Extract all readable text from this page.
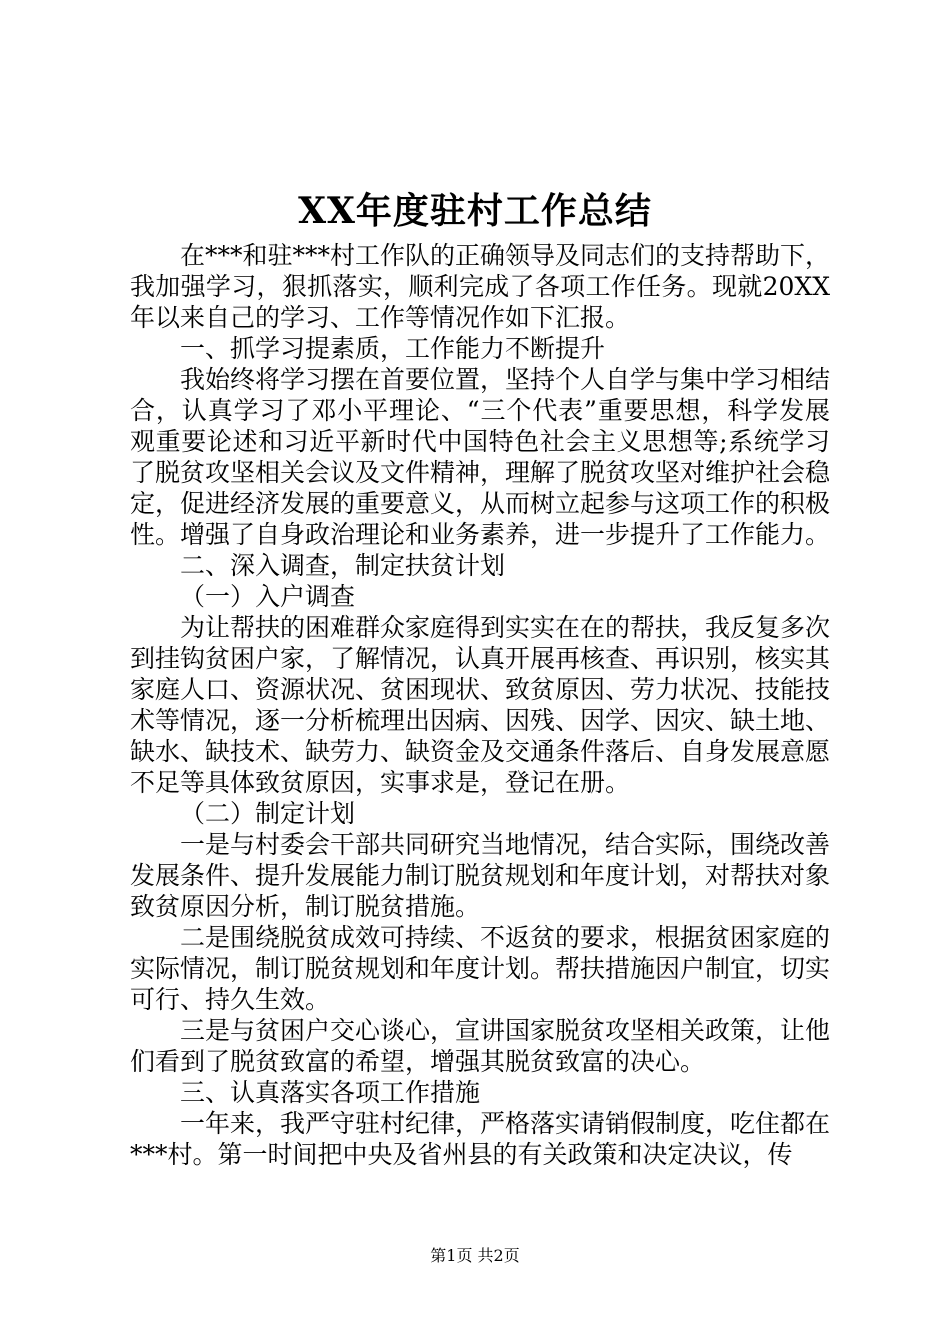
XX年度驻村工作总结

在***和驻***村工作队的正确领导及同志们的支持帮助下，我加强学习，狠抓落实，顺利完成了各项工作任务。现就20XX年以来自己的学习、工作等情况作如下汇报。

一、抓学习提素质，工作能力不断提升

我始终将学习摆在首要位置，坚持个人自学与集中学习相结合，认真学习了邓小平理论、“三个代表”重要思想，科学发展观重要论述和习近平新时代中国特色社会主义思想等;系统学习了脱贫攻坚相关会议及文件精神，理解了脱贫攻坚对维护社会稳定，促进经济发展的重要意义，从而树立起参与这项工作的积极性。增强了自身政治理论和业务素养，进一步提升了工作能力。

二、深入调查，制定扶贫计划

（一）入户调查

为让帮扶的困难群众家庭得到实实在在的帮扶，我反复多次到挂钩贫困户家，了解情况，认真开展再核查、再识别，核实其家庭人口、资源状况、贫困现状、致贫原因、劳力状况、技能技术等情况，逐一分析梳理出因病、因残、因学、因灾、缺土地、缺水、缺技术、缺劳力、缺资金及交通条件落后、自身发展意愿不足等具体致贫原因，实事求是，登记在册。

（二）制定计划

一是与村委会干部共同研究当地情况，结合实际，围绕改善发展条件、提升发展能力制订脱贫规划和年度计划，对帮扶对象致贫原因分析，制订脱贫措施。

二是围绕脱贫成效可持续、不返贫的要求，根据贫困家庭的实际情况，制订脱贫规划和年度计划。帮扶措施因户制宜，切实可行、持久生效。

三是与贫困户交心谈心，宣讲国家脱贫攻坚相关政策，让他们看到了脱贫致富的希望，增强其脱贫致富的决心。

三、认真落实各项工作措施

一年来，我严守驻村纪律，严格落实请销假制度，吃住都在***村。第一时间把中央及省州县的有关政策和决定决议，传

第1页 共2页
